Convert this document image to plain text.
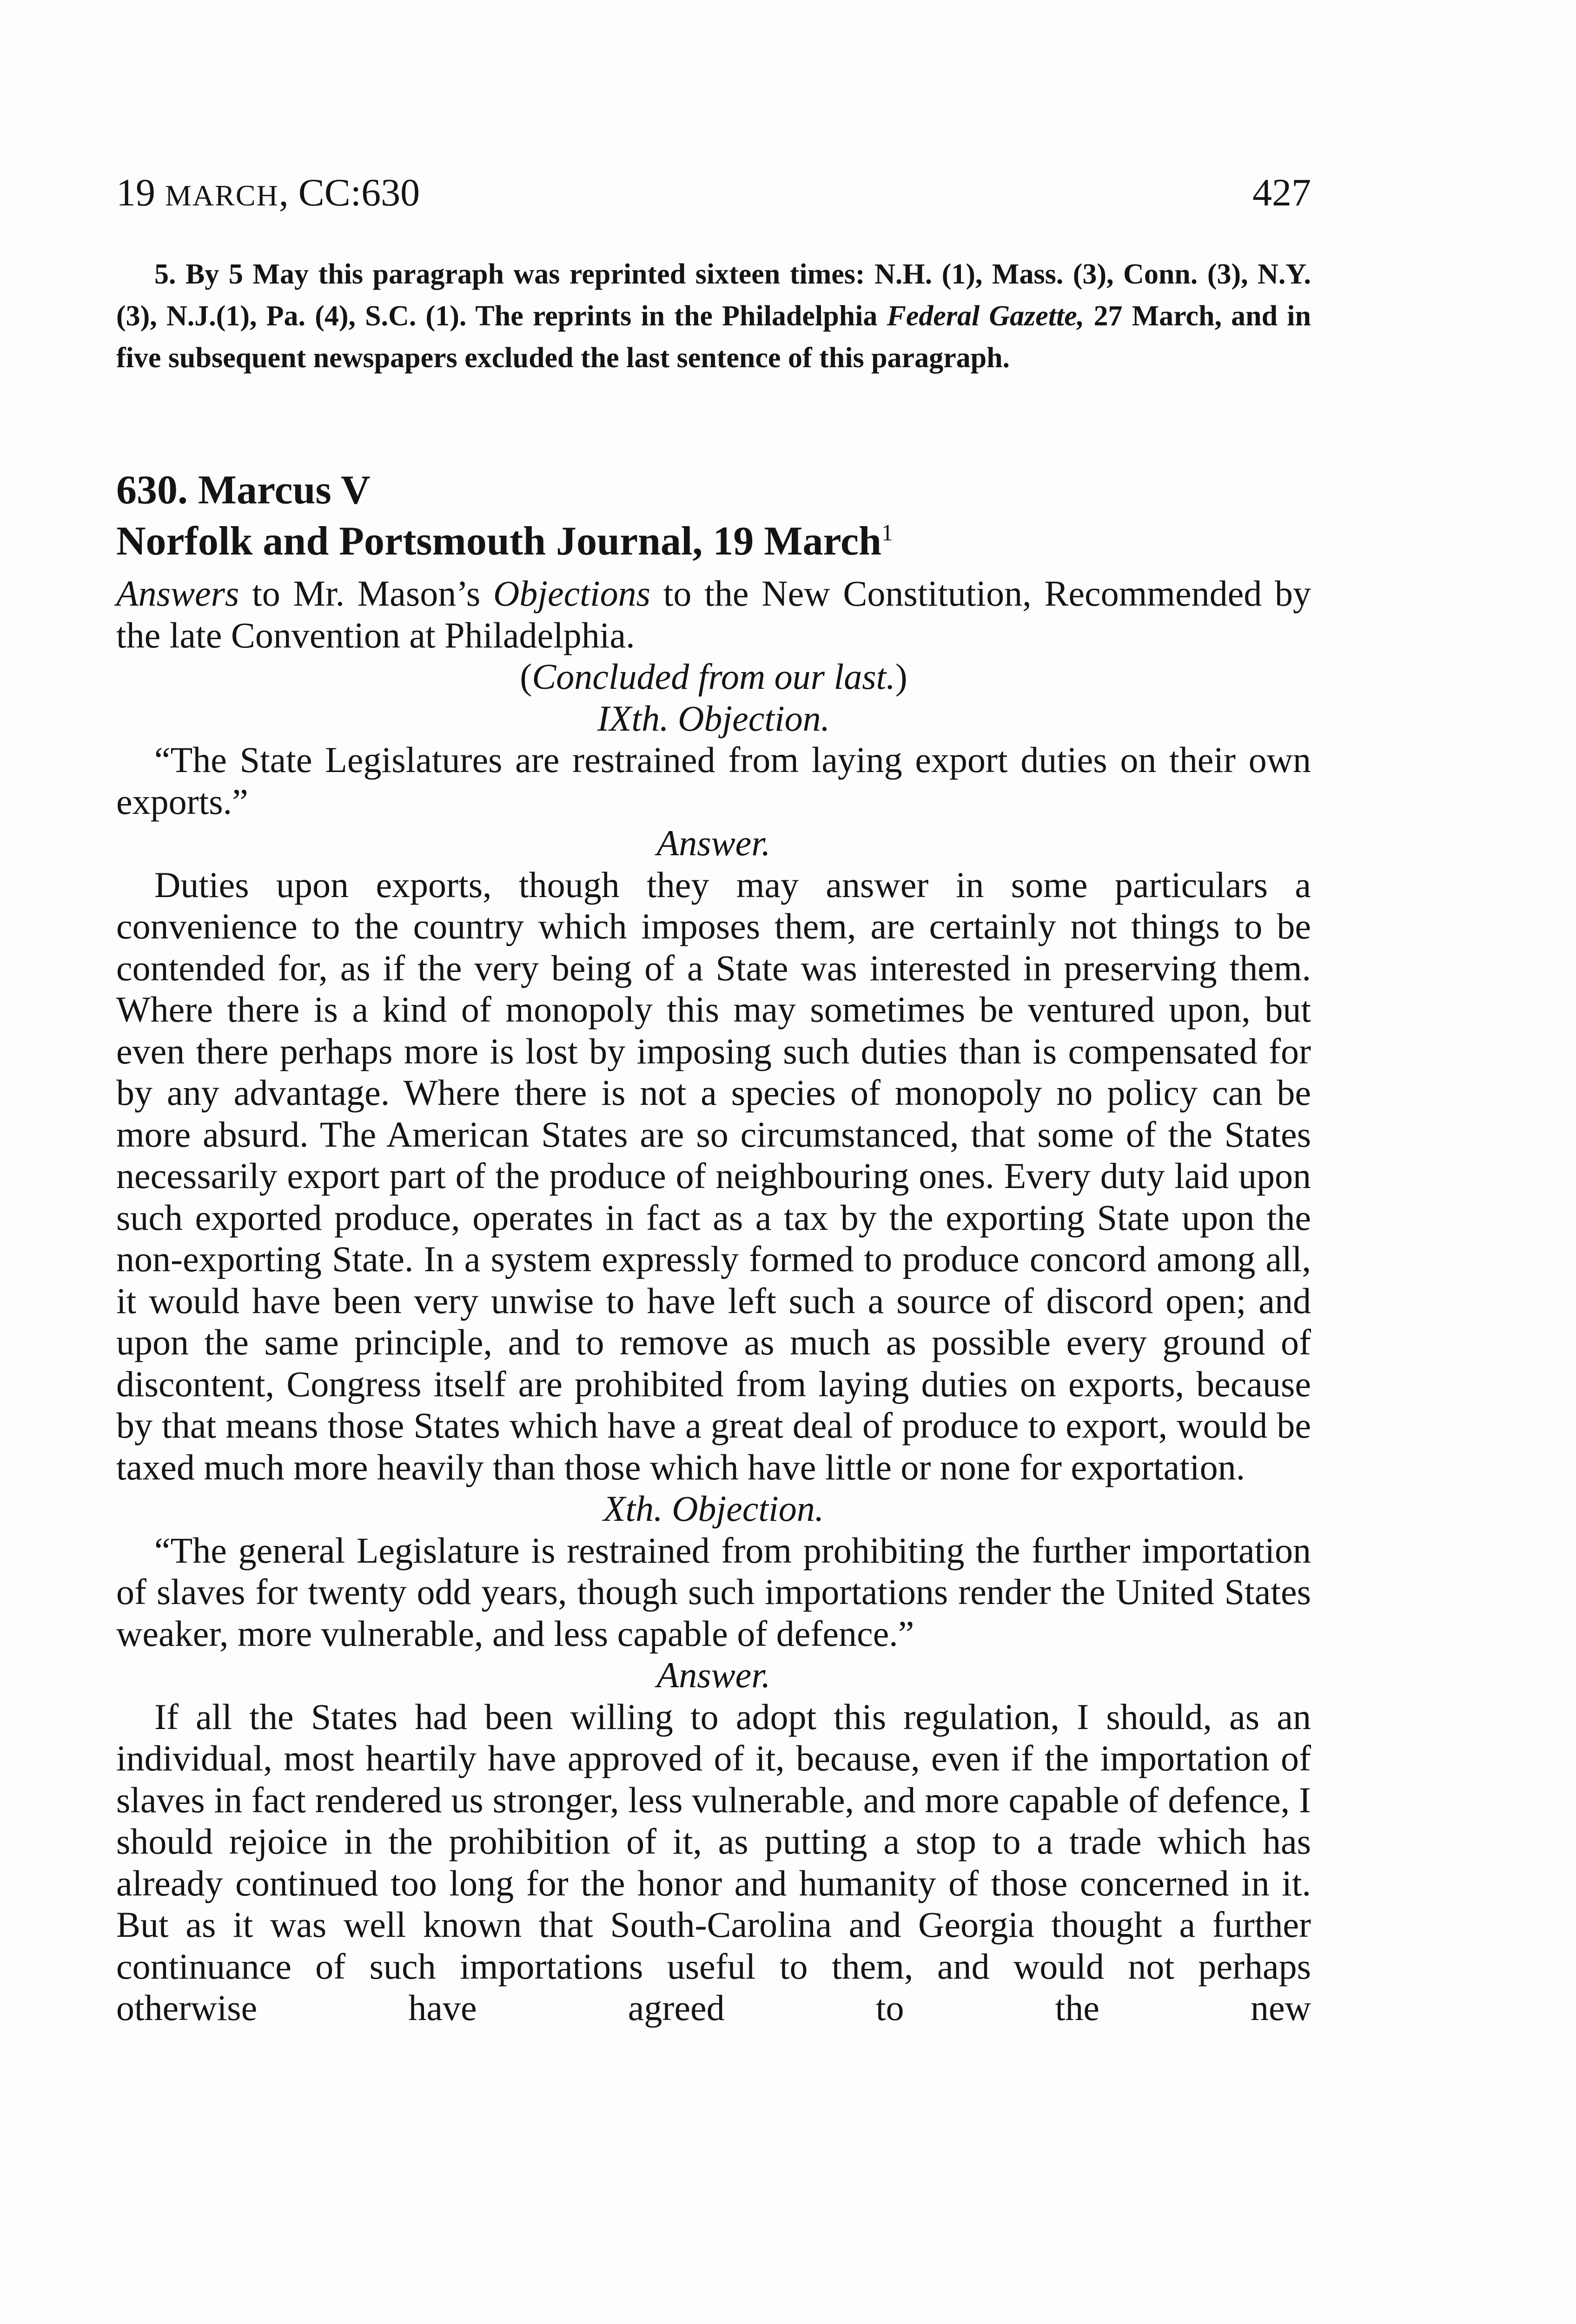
19 MARCH, CC:630	427
5. By 5 May this paragraph was reprinted sixteen times: N.H. (1), Mass. (3), Conn. (3), N.Y. (3), N.J.(1), Pa. (4), S.C. (1). The reprints in the Philadelphia Federal Gazette, 27 March, and in five subsequent newspapers excluded the last sentence of this paragraph.
630. Marcus V
Norfolk and Portsmouth Journal, 19 March$^1$

Answers to Mr. Mason’s Objections to the New Constitution, Recommended by the late Convention at Philadelphia.

(Concluded from our last.)

IXth. Objection.

“The State Legislatures are restrained from laying export duties on their own exports.”

Answer.

Duties upon exports, though they may answer in some particulars a convenience to the country which imposes them, are certainly not things to be contended for, as if the very being of a State was interested in preserving them. Where there is a kind of monopoly this may sometimes be ventured upon, but even there perhaps more is lost by imposing such duties than is compensated for by any advantage. Where there is not a species of monopoly no policy can be more absurd. The American States are so circumstanced, that some of the States necessarily export part of the produce of neighbouring ones. Every duty laid upon such exported produce, operates in fact as a tax by the exporting State upon the non-exporting State. In a system expressly formed to produce concord among all, it would have been very unwise to have left such a source of discord open; and upon the same principle, and to remove as much as possible every ground of discontent, Congress itself are prohibited from laying duties on exports, because by that means those States which have a great deal of produce to export, would be taxed much more heavily than those which have little or none for exportation.

Xth. Objection.

“The general Legislature is restrained from prohibiting the further importation of slaves for twenty odd years, though such importations render the United States weaker, more vulnerable, and less capable of defence.”

Answer.

If all the States had been willing to adopt this regulation, I should, as an individual, most heartily have approved of it, because, even if the importation of slaves in fact rendered us stronger, less vulnerable, and more capable of defence, I should rejoice in the prohibition of it, as putting a stop to a trade which has already continued too long for the honor and humanity of those concerned in it. But as it was well known that South-Carolina and Georgia thought a further continuance of such importations useful to them, and would not perhaps otherwise have agreed to the new
